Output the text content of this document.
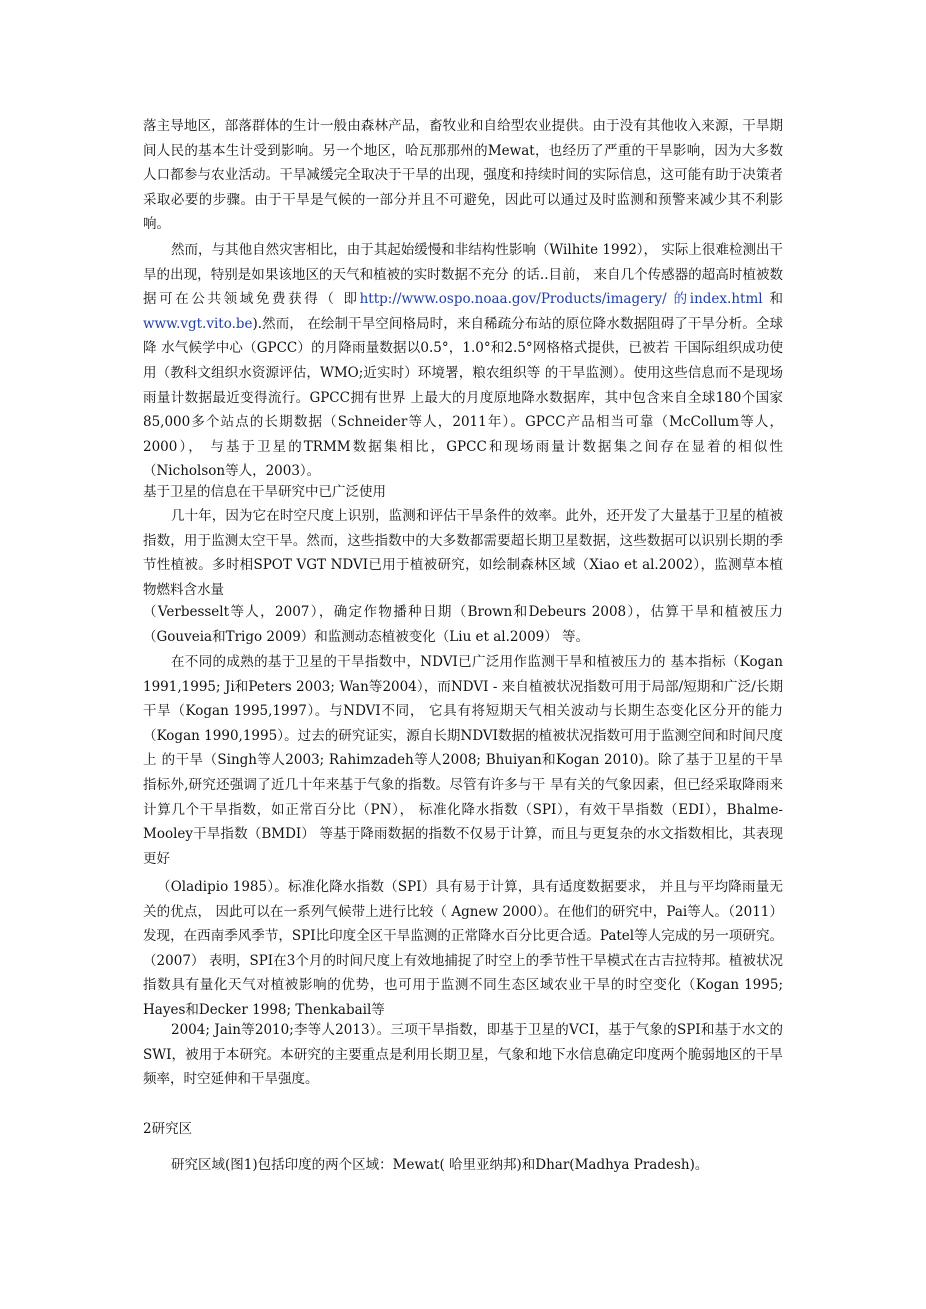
落主导地区，部落群体的生计一般由森林产品，畜牧业和自给型农业提供。由于没有其他收入来源，干旱期间人民的基本生计受到影响。另一个地区，哈瓦那那州的Mewat，也经历了严重的干旱影响，因为大多数人口都参与农业活动。干旱减缓完全取决于干旱的出现，强度和持续时间的实际信息，这可能有助于决策者采取必要的步骤。由于干旱是气候的一部分并且不可避免，因此可以通过及时监测和预警来减少其不利影响。

然而，与其他自然灾害相比，由于其起始缓慢和非结构性影响（Wilhite 1992）， 实际上很难检测出干旱的出现，特别是如果该地区的天气和植被的实时数据不充分 的话..目前， 来自几个传感器的超高时植被数据可在公共领域免费获得（ 即http://www.ospo.noaa.gov/Products/imagery/ 的index.html 和www.vgt.vito.be).然而， 在绘制干旱空间格局时，来自稀疏分布站的原位降水数据阻碍了干旱分析。全球降 水气候学中心（GPCC）的月降雨量数据以0.5°，1.0°和2.5°网格格式提供，已被若 干国际组织成功使用（教科文组织水资源评估，WMO;近实时）环境署，粮农组织等 的干旱监测）。使用这些信息而不是现场雨量计数据最近变得流行。GPCC拥有世界 上最大的月度原地降水数据库，其中包含来自全球180个国家85,000多个站点的长期数据（Schneider等人，2011年）。GPCC产品相当可靠（McCollum等人，2000）， 与基于卫星的TRMM数据集相比，GPCC和现场雨量计数据集之间存在显着的相似性（Nicholson等人，2003）。

基于卫星的信息在干旱研究中已广泛使用

几十年，因为它在时空尺度上识别，监测和评估干旱条件的效率。此外，还开发了大量基于卫星的植被指数，用于监测太空干旱。然而，这些指数中的大多数都需要超长期卫星数据，这些数据可以识别长期的季节性植被。多时相SPOT VGT NDVI已用于植被研究，如绘制森林区域（Xiao et al.2002），监测草本植物燃料含水量

（Verbesselt等人，2007），确定作物播种日期（Brown和Debeurs 2008），估算干旱和植被压力（Gouveia和Trigo 2009）和监测动态植被变化（Liu et al.2009） 等。

在不同的成熟的基于卫星的干旱指数中，NDVI已广泛用作监测干旱和植被压力的 基本指标（Kogan 1991,1995; Ji和Peters 2003; Wan等2004），而NDVI - 来自植被状况指数可用于局部/短期和广泛/长期干旱（Kogan 1995,1997）。与NDVI不同， 它具有将短期天气相关波动与长期生态变化区分开的能力（Kogan 1990,1995）。过去的研究证实，源自长期NDVI数据的植被状况指数可用于监测空间和时间尺度上 的干旱（Singh等人2003; Rahimzadeh等人2008; Bhuiyan和Kogan 2010)。除了基于卫星的干旱指标外,研究还强调了近几十年来基于气象的指数。尽管有许多与干 旱有关的气象因素，但已经采取降雨来计算几个干旱指数，如正常百分比（PN）， 标准化降水指数（SPI），有效干旱指数（EDI），Bhalme-Mooley干旱指数（BMDI） 等基于降雨数据的指数不仅易于计算，而且与更复杂的水文指数相比，其表现更好

（Oladipio 1985）。标准化降水指数（SPI）具有易于计算，具有适度数据要求， 并且与平均降雨量无关的优点， 因此可以在一系列气候带上进行比较（ Agnew 2000）。在他们的研究中，Pai等人。（2011）发现，在西南季风季节，SPI比印度全区干旱监测的正常降水百分比更合适。Patel等人完成的另一项研究。（2007） 表明，SPI在3个月的时间尺度上有效地捕捉了时空上的季节性干旱模式在古吉拉特邦。植被状况指数具有量化天气对植被影响的优势，也可用于监测不同生态区域农业干旱的时空变化（Kogan 1995; Hayes和Decker 1998; Thenkabail等

2004; Jain等2010;李等人2013）。三项干旱指数，即基于卫星的VCI，基于气象的SPI和基于水文的SWI，被用于本研究。本研究的主要重点是利用长期卫星，气象和地下水信息确定印度两个脆弱地区的干旱频率，时空延伸和干旱强度。

2研究区

研究区域(图1)包括印度的两个区域：Mewat( 哈里亚纳邦)和Dhar(Madhya Pradesh)。
